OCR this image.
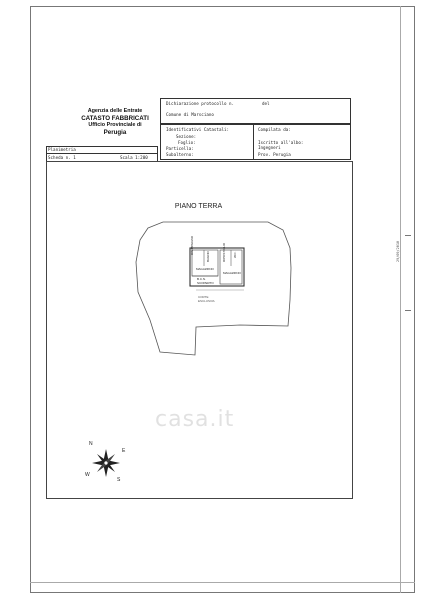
29/09/2010
Agenzia delle Entrate
CATASTO FABBRICATI
Ufficio Provinciale di
Perugia
Dichiarazione protocollo n.	del
Comune di Marsciano
Identificativi Catastali:
Sezione:
Foglio:
Particella:
Subalterno:
Compilata da:
Iscritto all'albo:
Ingegneri
Prov. Perugia
Planimetria
Scheda n. 1	Scala 1:200
PIANO TERRA
DISIMPEGNO
BAGNO
MAGAZZINO
RIPOSTIGLIO W.C.
MAGAZZINO
B.C.N.
SCOPERTO
CORTE
ESCLUSIVA
N
E
S
W
casa.it
